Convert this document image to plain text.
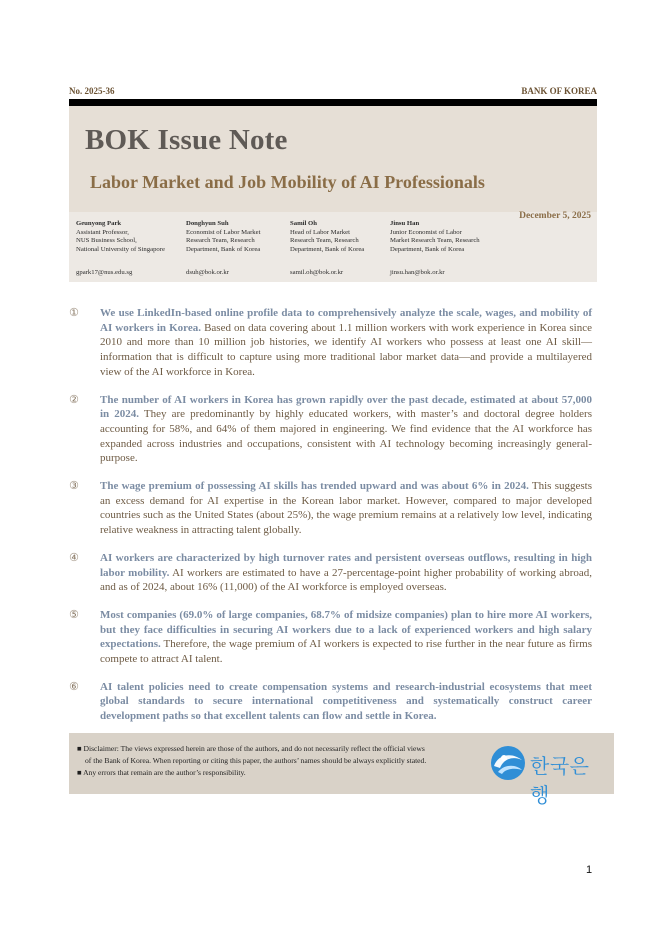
No. 2025-36	BANK OF KOREA
BOK Issue Note
Labor Market and Job Mobility of AI Professionals
December 5, 2025
Geunyong Park
Assistant Professor,
NUS Business School,
National University of Singapore
gpark17@nus.edu.sg
Donghyun Suh
Economist of Labor Market
Research Team, Research
Department, Bank of Korea
dsuh@bok.or.kr
Samil Oh
Head of Labor Market
Research Team, Research
Department, Bank of Korea
samil.oh@bok.or.kr
Jinsu Han
Junior Economist of Labor
Market Research Team, Research
Department, Bank of Korea
jinsu.han@bok.or.kr
① We use LinkedIn-based online profile data to comprehensively analyze the scale, wages, and mobility of AI workers in Korea. Based on data covering about 1.1 million workers with work experience in Korea since 2010 and more than 10 million job histories, we identify AI workers who possess at least one AI skill—information that is difficult to capture using more traditional labor market data—and provide a multilayered view of the AI workforce in Korea.

② The number of AI workers in Korea has grown rapidly over the past decade, estimated at about 57,000 in 2024. They are predominantly by highly educated workers, with master’s and doctoral degree holders accounting for 58%, and 64% of them majored in engineering. We find evidence that the AI workforce has expanded across industries and occupations, consistent with AI technology becoming increasingly general-purpose.

③ The wage premium of possessing AI skills has trended upward and was about 6% in 2024. This suggests an excess demand for AI expertise in the Korean labor market. However, compared to major developed countries such as the United States (about 25%), the wage premium remains at a relatively low level, indicating relative weakness in attracting talent globally.

④ AI workers are characterized by high turnover rates and persistent overseas outflows, resulting in high labor mobility. AI workers are estimated to have a 27-percentage-point higher probability of working abroad, and as of 2024, about 16% (11,000) of the AI workforce is employed overseas.

⑤ Most companies (69.0% of large companies, 68.7% of midsize companies) plan to hire more AI workers, but they face difficulties in securing AI workers due to a lack of experienced workers and high salary expectations. Therefore, the wage premium of AI workers is expected to rise further in the near future as firms compete to attract AI talent.

⑥ AI talent policies need to create compensation systems and research-industrial ecosystems that meet global standards to secure international competitiveness and systematically construct career development paths so that excellent talents can flow and settle in Korea.

■ Disclaimer: The views expressed herein are those of the authors, and do not necessarily reflect the official views
of the Bank of Korea. When reporting or citing this paper, the authors’ names should be always explicitly stated.
■ Any errors that remain are the author’s responsibility.	한국은행
1
